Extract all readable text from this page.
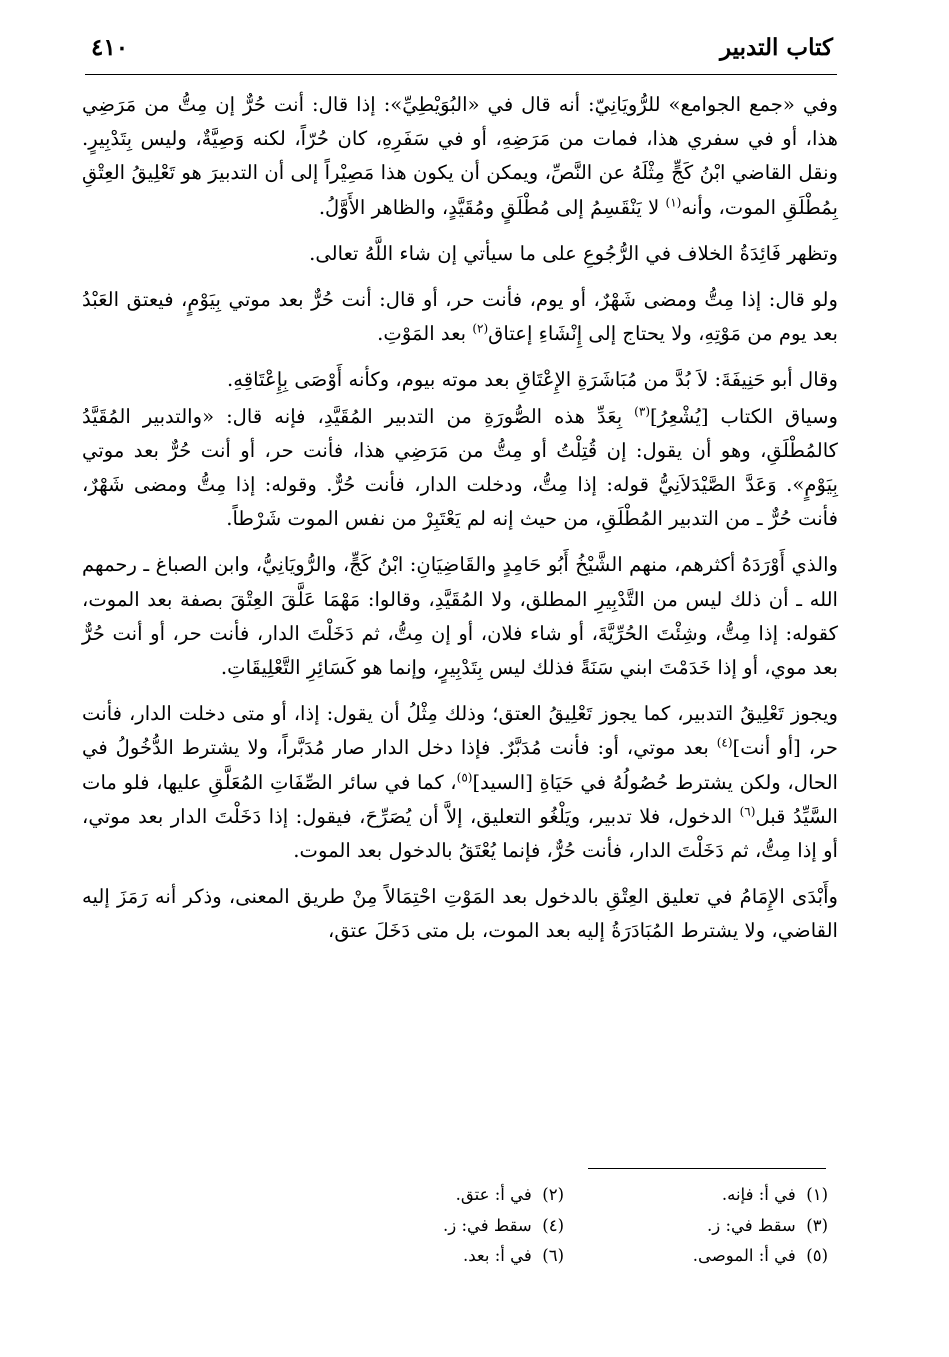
كتاب التدبير
٤١٠

وفي «جمع الجوامع» للرُّويَانِيّ: أنه قال في «البُوَيْطِيِّ»: إذا قال: أنت حُرٌّ إن مِتُّ من مَرَضِي هذا، أو في سفري هذا، فمات من مَرَضِهِ، أو في سَفَرِهِ، كان حُرّاً، لكنه وَصِيَّةٌ، وليس بِتَدْبِيرٍ. ونقل القاضي ابْنُ كَجٍّ مِثْلَهُ عن النَّصِّ، ويمكن أن يكون هذا مَصِيْراً إلى أن التدبيرَ هو تَعْلِيقُ العِتْقِ بِمُطْلَقِ الموت، وأنه$^{(١)}$ لا يَنْقَسِمُ إلى مُطْلَقٍ ومُقَيَّدٍ، والظاهر الأَوَّلُ.

وتظهر فَائِدَةُ الخلاف في الرُّجُوعِ على ما سيأتي إن شاء اللَّهُ تعالى.

ولو قال: إذا مِتُّ ومضى شَهْرٌ، أو يوم، فأنت حر، أو قال: أنت حُرٌّ بعد موتي بِيَوْمٍ، فيعتق العَبْدُ بعد يوم من مَوْتِهِ، ولا يحتاج إلى إِنْشَاءِ إعتاق$^{(٢)}$ بعد المَوْتِ.

وقال أبو حَنِيفَةَ: لاَ بُدَّ من مُبَاشَرَةِ الإِعْتَاقِ بعد موته بيوم، وكأنه أَوْصَى بِإِعْتَاقِهِ.

وسياق الكتاب [يُشْعِرُ]$^{(٣)}$ بِعَدِّ هذه الصُّورَةِ من التدبير المُقَيَّدِ، فإنه قال: «والتدبير المُقَيَّدُ كالمُطْلَقِ، وهو أن يقول: إن قُتِلْتُ أو مِتُّ من مَرَضِي هذا، فأنت حر، أو أنت حُرٌّ بعد موتي بِيَوْمٍ». وَعَدَّ الصَّيْدَلاَنِيُّ قوله: إذا مِتُّ، ودخلت الدار، فأنت حُرٌّ. وقوله: إذا مِتُّ ومضى شَهْرٌ، فأنت حُرٌّ ـ من التدبير المُطْلَقِ، من حيث إنه لم يَعْتَبِرْ من نفس الموت شَرْطاً.

والذي أَوْرَدَهُ أكثرهم، منهم الشَّيْخُ أَبُو حَامِدٍ والقَاضِيَانِ: ابْنُ كَجٍّ، والرُّويَانِيُّ، وابن الصباغ ـ رحمهم الله ـ أن ذلك ليس من التَّدْبِيرِ المطلق، ولا المُقَيَّدِ، وقالوا: مَهْمَا عَلَّقَ العِتْقَ بصفة بعد الموت، كقوله: إذا مِتُّ، وشِئْتَ الحُرِّيَّةَ، أو شاء فلان، أو إن مِتُّ، ثم دَخَلْتَ الدار، فأنت حر، أو أنت حُرٌّ بعد موي، أو إذا خَدَمْتَ ابني سَنَةً فذلك ليس بِتَدْبِيرٍ، وإنما هو كَسَائِرِ التَّعْلِيقَاتِ.

ويجوز تَعْلِيقُ التدبير، كما يجوز تَعْلِيقُ العتق؛ وذلك مِثْلُ أن يقول: إذا، أو متى دخلت الدار، فأنت حر، [أو أنت]$^{(٤)}$ بعد موتي، أو: فأنت مُدَبَّرٌ. فإذا دخل الدار صار مُدَبَّراً، ولا يشترط الدُّخُولُ في الحال، ولكن يشترط حُصُولُهُ في حَيَاةِ [السيد]$^{(٥)}$، كما في سائر الصِّفَاتِ المُعَلَّقِ عليها، فلو مات السَّيِّدُ قبل$^{(٦)}$ الدخول، فلا تدبير، ويَلْغُو التعليق، إلاَّ أن يُصَرِّحَ، فيقول: إذا دَخَلْتَ الدار بعد موتي، أو إذا مِتُّ، ثم دَخَلْتَ الدار، فأنت حُرٌّ، فإنما يُعْتَقُ بالدخول بعد الموت.

وأَبْدَى الإِمَامُ في تعليق العِتْقِ بالدخول بعد المَوْتِ احْتِمَالاً مِنْ طريق المعنى، وذكر أنه رَمَزَ إليه القاضي، ولا يشترط المُبَادَرَةُ إليه بعد الموت، بل متى دَخَلَ عتق،

(١)  في أ: فإنه.
(٢)  في أ: عتق.
(٣)  سقط في: ز.
(٤)  سقط في: ز.
(٥)  في أ: الموصى.
(٦)  في أ: بعد.
